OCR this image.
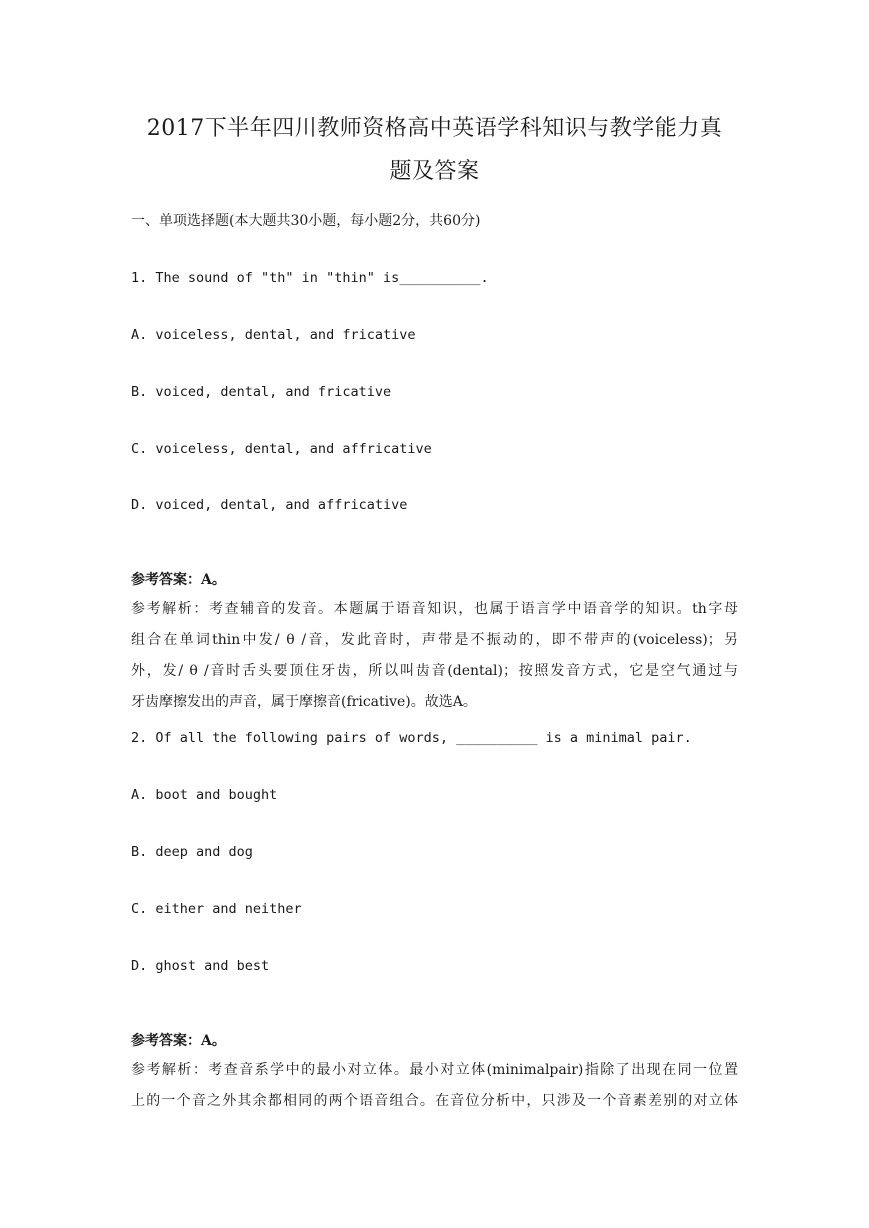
2017下半年四川教师资格高中英语学科知识与教学能力真
题及答案
一、单项选择题(本大题共30小题，每小题2分，共60分)
1. The sound of "th" in "thin" is__________.
A. voiceless, dental, and fricative
B. voiced, dental, and fricative
C. voiceless, dental, and affricative
D. voiced, dental, and affricative
参考答案：A。
参考解析：考查辅音的发音。本题属于语音知识，也属于语言学中语音学的知识。th字母
组合在单词thin中发/ θ /音，发此音时，声带是不振动的，即不带声的(voiceless)；另
外，发/ θ /音时舌头要顶住牙齿，所以叫齿音(dental)；按照发音方式，它是空气通过与
牙齿摩擦发出的声音，属于摩擦音(fricative)。故选A。
2. Of all the following pairs of words, __________ is a minimal pair.
A. boot and bought
B. deep and dog
C. either and neither
D. ghost and best
参考答案：A。
参考解析：考查音系学中的最小对立体。最小对立体(minimalpair)指除了出现在同一位置
上的一个音之外其余都相同的两个语音组合。在音位分析中，只涉及一个音素差别的对立体
